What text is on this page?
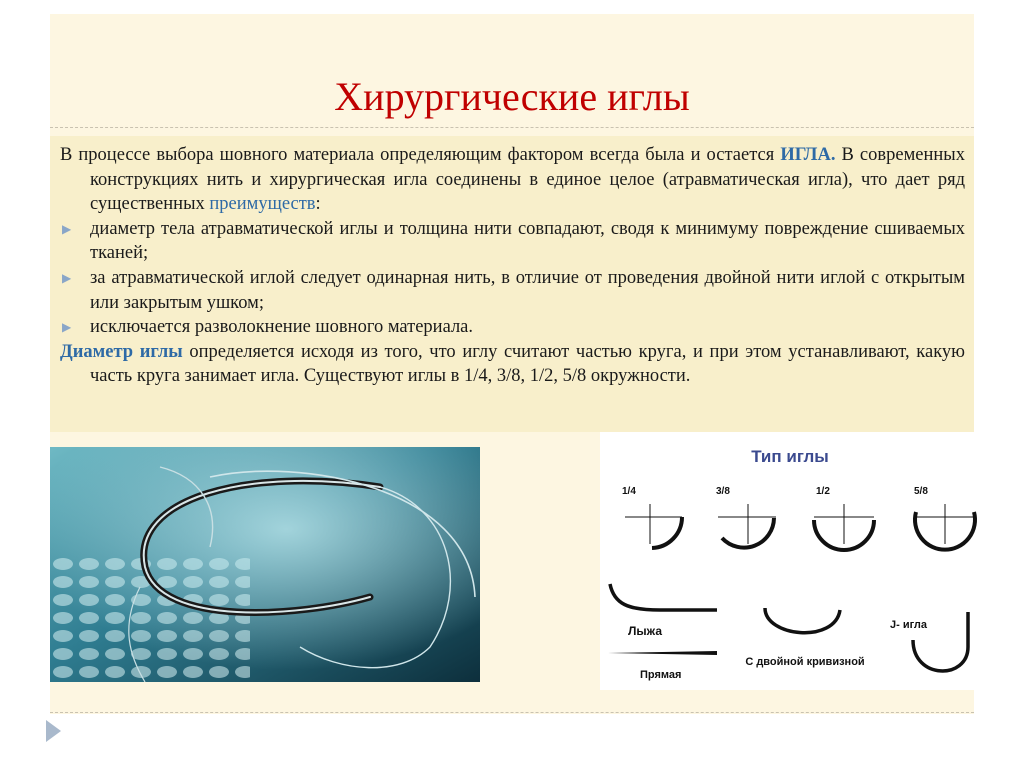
Хирургические иглы

В процессе выбора шовного материала определяющим фактором всегда была и остается ИГЛА. В современных конструкциях нить и хирургическая игла соединены в единое целое (атравматическая игла), что дает ряд существенных преимуществ:

▶ диаметр тела атравматической иглы и толщина нити совпадают, сводя к минимуму повреждение сшиваемых тканей;

▶ за атравматической иглой следует одинарная нить, в отличие от проведения двойной нити иглой с открытым или закрытым ушком;

▶ исключается разволокнение шовного материала.

Диаметр иглы определяется исходя из того, что иглу считают частью круга, и при этом устанавливают, какую часть круга занимает игла. Существуют иглы в 1/4, 3/8, 1/2, 5/8 окружности.

Тип иглы
1/4	3/8	1/2	5/8
Лыжа
Прямая
С двойной кривизной
J- игла
